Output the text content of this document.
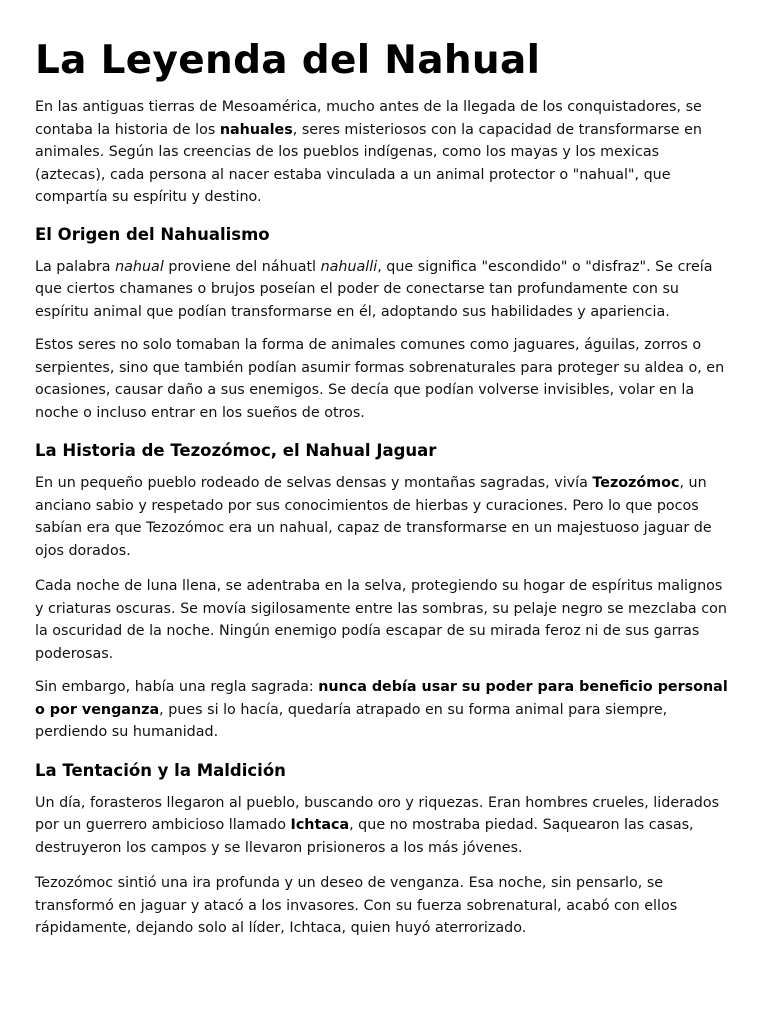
La Leyenda del Nahual

En las antiguas tierras de Mesoamérica, mucho antes de la llegada de los conquistadores, se contaba la historia de los nahuales, seres misteriosos con la capacidad de transformarse en animales. Según las creencias de los pueblos indígenas, como los mayas y los mexicas (aztecas), cada persona al nacer estaba vinculada a un animal protector o "nahual", que compartía su espíritu y destino.

El Origen del Nahualismo

La palabra nahual proviene del náhuatl nahualli, que significa "escondido" o "disfraz". Se creía que ciertos chamanes o brujos poseían el poder de conectarse tan profundamente con su espíritu animal que podían transformarse en él, adoptando sus habilidades y apariencia.

Estos seres no solo tomaban la forma de animales comunes como jaguares, águilas, zorros o serpientes, sino que también podían asumir formas sobrenaturales para proteger su aldea o, en ocasiones, causar daño a sus enemigos. Se decía que podían volverse invisibles, volar en la noche o incluso entrar en los sueños de otros.

La Historia de Tezozómoc, el Nahual Jaguar

En un pequeño pueblo rodeado de selvas densas y montañas sagradas, vivía Tezozómoc, un anciano sabio y respetado por sus conocimientos de hierbas y curaciones. Pero lo que pocos sabían era que Tezozómoc era un nahual, capaz de transformarse en un majestuoso jaguar de ojos dorados.

Cada noche de luna llena, se adentraba en la selva, protegiendo su hogar de espíritus malignos y criaturas oscuras. Se movía sigilosamente entre las sombras, su pelaje negro se mezclaba con la oscuridad de la noche. Ningún enemigo podía escapar de su mirada feroz ni de sus garras poderosas.

Sin embargo, había una regla sagrada: nunca debía usar su poder para beneficio personal o por venganza, pues si lo hacía, quedaría atrapado en su forma animal para siempre, perdiendo su humanidad.

La Tentación y la Maldición

Un día, forasteros llegaron al pueblo, buscando oro y riquezas. Eran hombres crueles, liderados por un guerrero ambicioso llamado Ichtaca, que no mostraba piedad. Saquearon las casas, destruyeron los campos y se llevaron prisioneros a los más jóvenes.

Tezozómoc sintió una ira profunda y un deseo de venganza. Esa noche, sin pensarlo, se transformó en jaguar y atacó a los invasores. Con su fuerza sobrenatural, acabó con ellos rápidamente, dejando solo al líder, Ichtaca, quien huyó aterrorizado.
